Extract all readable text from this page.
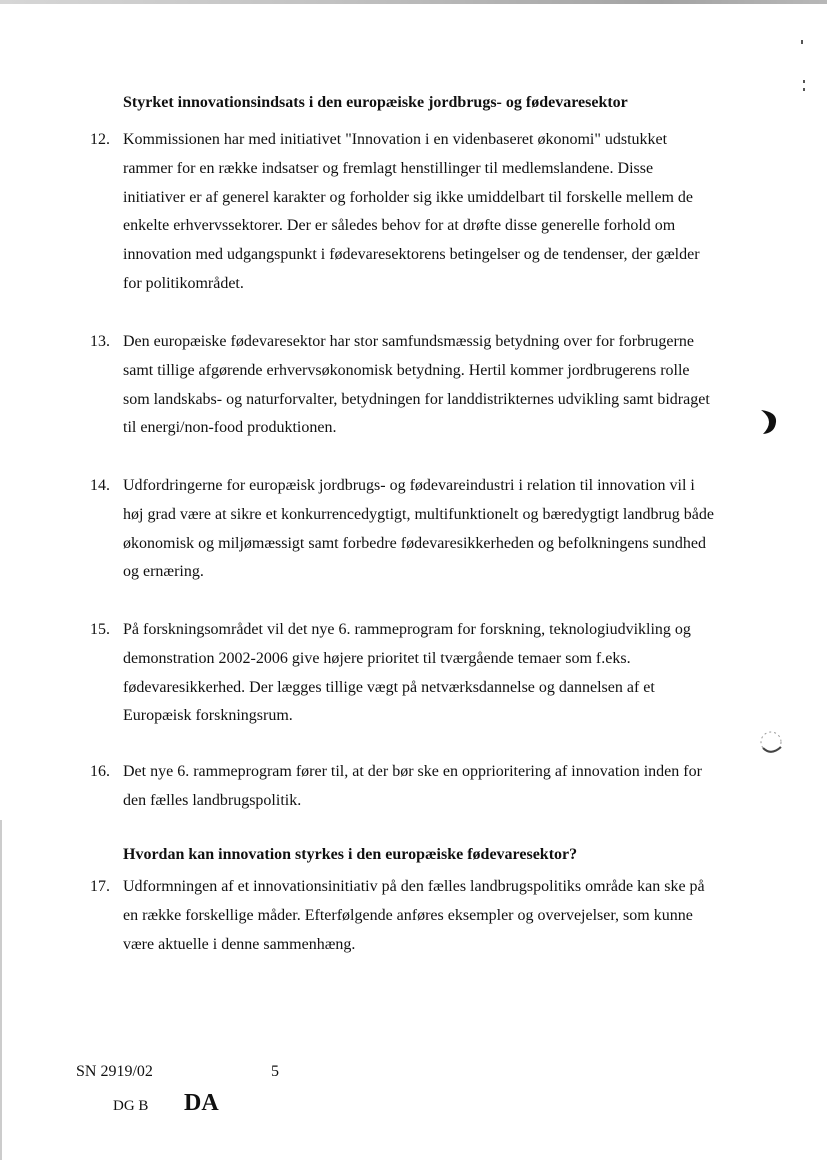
Styrket innovationsindsats i den europæiske jordbrugs- og fødevaresektor
12. Kommissionen har med initiativet "Innovation i en videnbaseret økonomi" udstukket
rammer for en række indsatser og fremlagt henstillinger til medlemslandene. Disse
initiativer er af generel karakter og forholder sig ikke umiddelbart til forskelle mellem de
enkelte erhvervssektorer. Der er således behov for at drøfte disse generelle forhold om
innovation med udgangspunkt i fødevaresektorens betingelser og de tendenser, der gælder
for politikområdet.
13. Den europæiske fødevaresektor har stor samfundsmæssig betydning over for forbrugerne
samt tillige afgørende erhvervsøkonomisk betydning. Hertil kommer jordbrugerens rolle
som landskabs- og naturforvalter, betydningen for landdistrikternes udvikling samt bidraget
til energi/non-food produktionen.
14. Udfordringerne for europæisk jordbrugs- og fødevareindustri i relation til innovation vil i
høj grad være at sikre et konkurrencedygtigt, multifunktionelt og bæredygtigt landbrug både
økonomisk og miljømæssigt samt forbedre fødevaresikkerheden og befolkningens sundhed
og ernæring.
15. På forskningsområdet vil det nye 6. rammeprogram for forskning, teknologiudvikling og
demonstration 2002-2006 give højere prioritet til tværgående temaer som f.eks.
fødevaresikkerhed. Der lægges tillige vægt på netværksdannelse og dannelsen af et
Europæisk forskningsrum.
16. Det nye 6. rammeprogram fører til, at der bør ske en opprioritering af innovation inden for
den fælles landbrugspolitik.
Hvordan kan innovation styrkes i den europæiske fødevaresektor?
17. Udformningen af et innovationsinitiativ på den fælles landbrugspolitiks område kan ske på
en række forskellige måder. Efterfølgende anføres eksempler og overvejelser, som kunne
være aktuelle i denne sammenhæng.
SN 2919/02	5
DG B DA
